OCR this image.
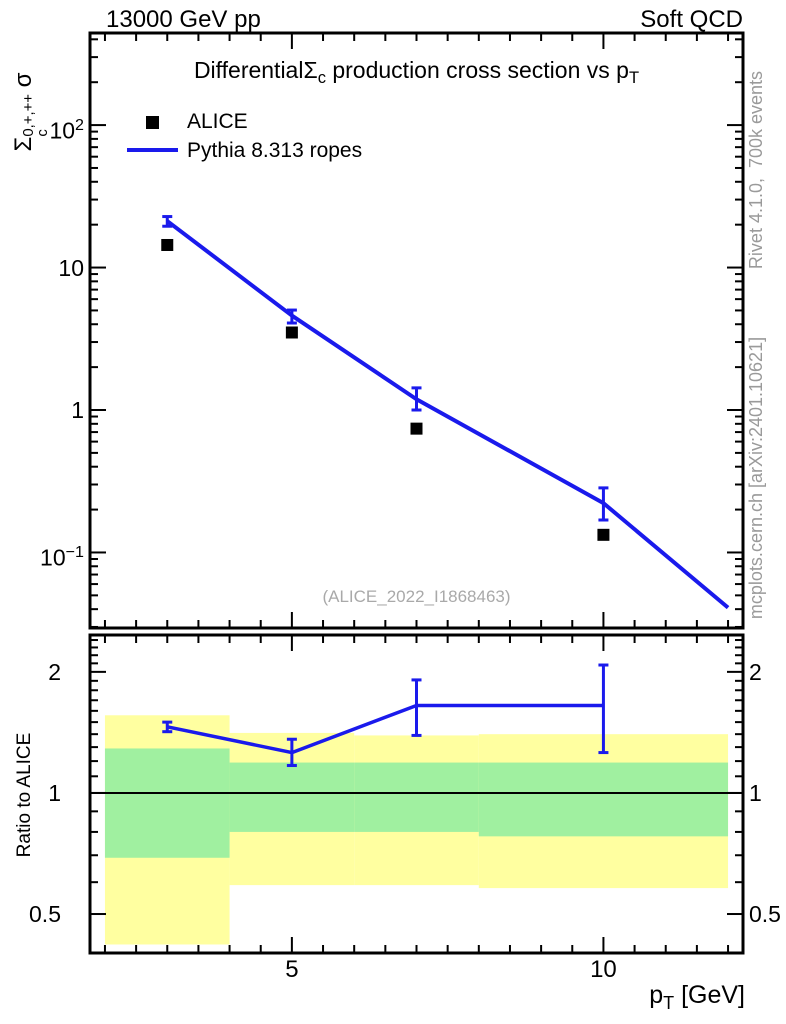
13000 GeV pp	Soft QCD
DifferentialΣ$_c$ production cross section vs $p_T$
ALICE
Pythia 8.313 ropes
(ALICE_2022_I1868463)
Σ
0,+,++
c
σ
Ratio to ALICE
Rivet 4.1.0,  700k events
mcplots.cern.ch [arXiv:2401.10621]
$p_T$ [GeV]
$10^2$
10
1
$10^{-1}$
2	2
1	1
0.5	0.5
5	10
